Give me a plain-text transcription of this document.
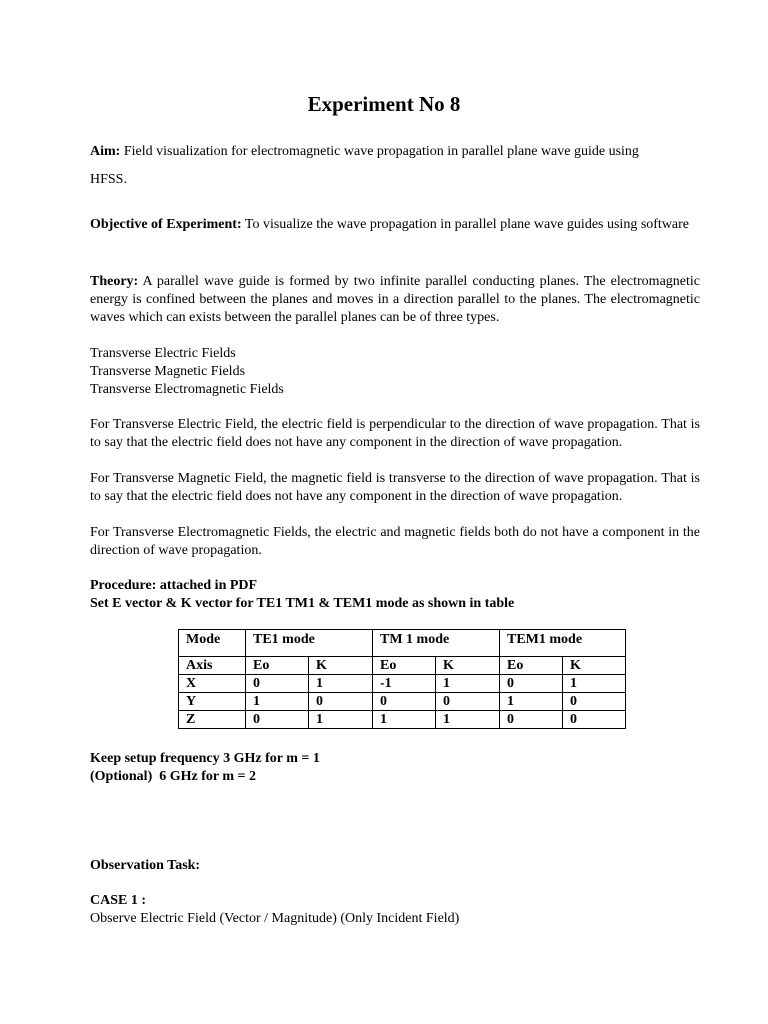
Experiment No 8
Aim: Field visualization for electromagnetic wave propagation in parallel plane wave guide using
HFSS.
Objective of Experiment: To visualize the wave propagation in parallel plane wave guides using software
Theory: A parallel wave guide is formed by two infinite parallel conducting planes. The electromagnetic energy is confined between the planes and moves in a direction parallel to the planes. The electromagnetic waves which can exists between the parallel planes can be of three types.
Transverse Electric Fields
Transverse Magnetic Fields
Transverse Electromagnetic Fields
For Transverse Electric Field, the electric field is perpendicular to the direction of wave propagation. That is to say that the electric field does not have any component in the direction of wave propagation.
For Transverse Magnetic Field, the magnetic field is transverse to the direction of wave propagation. That is to say that the electric field does not have any component in the direction of wave propagation.
For Transverse Electromagnetic Fields, the electric and magnetic fields both do not have a component in the direction of wave propagation.
Procedure: attached in PDF
Set E vector & K vector for TE1 TM1 & TEM1 mode as shown in table
Mode	TE1 mode		TM 1 mode		TEM1 mode	
Axis	Eo	K	Eo	K	Eo	K
X	0	1	-1	1	0	1
Y	1	0	0	0	1	0
Z	0	1	1	1	0	0
Keep setup frequency 3 GHz for m = 1
(Optional)  6 GHz for m = 2
Observation Task:
CASE 1 :
Observe Electric Field (Vector / Magnitude) (Only Incident Field)
